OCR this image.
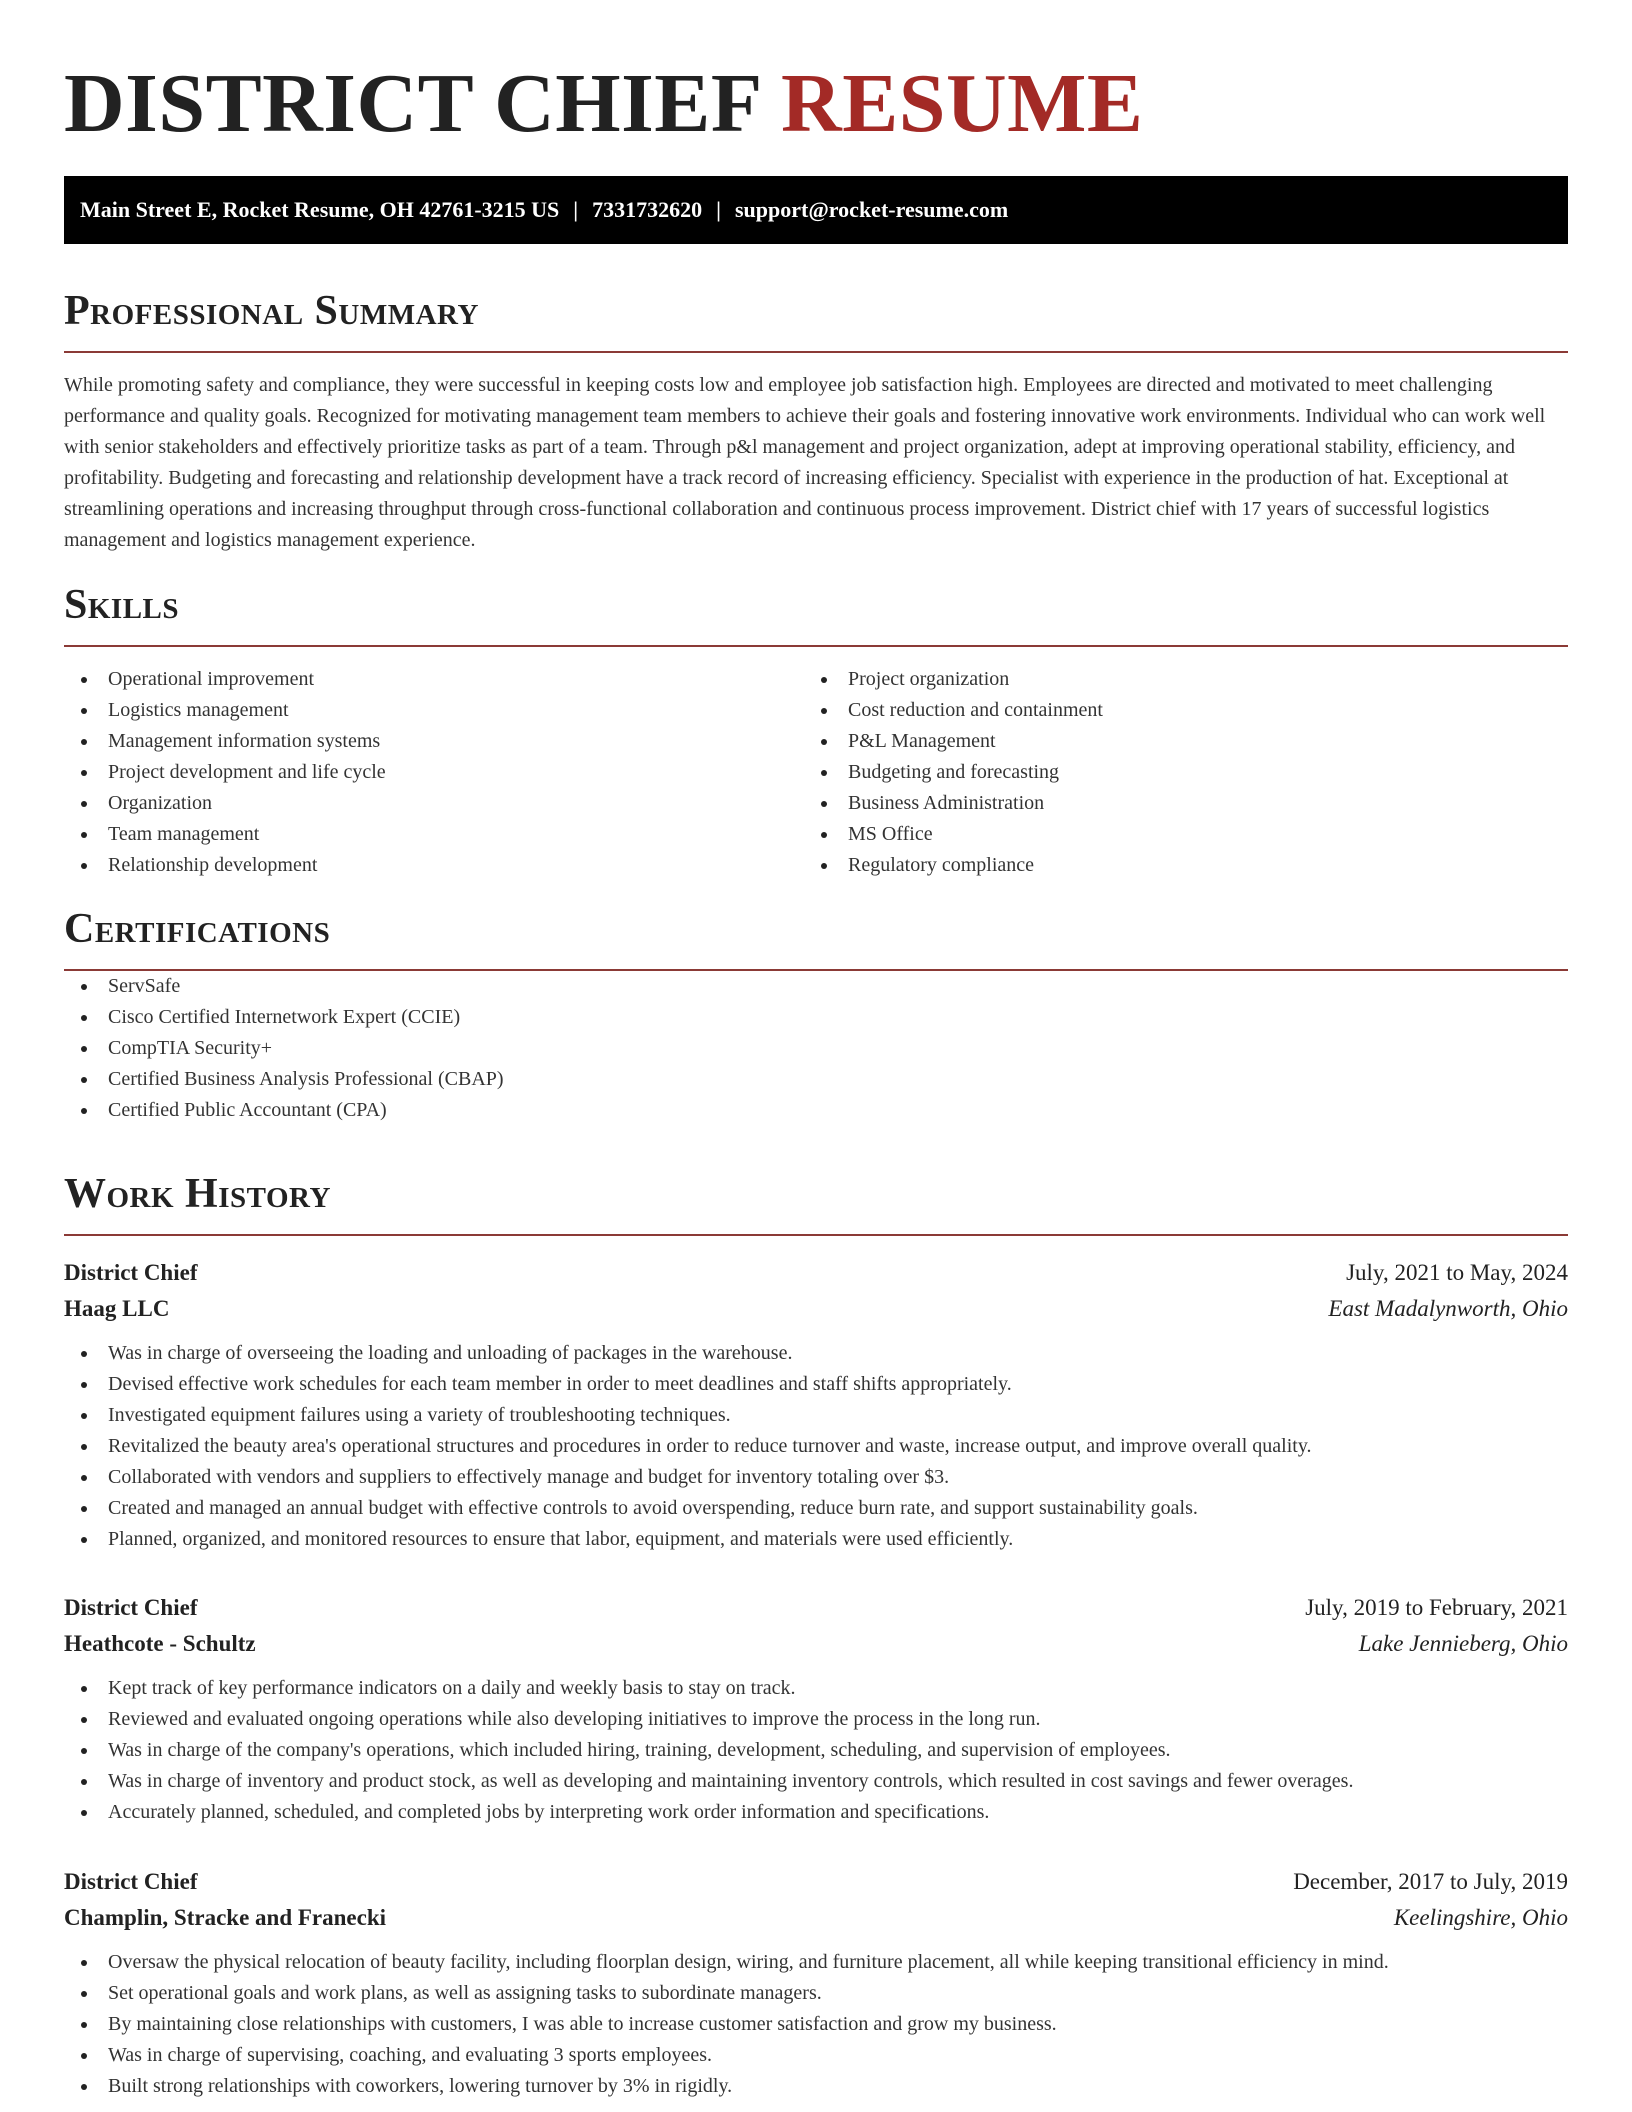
DISTRICT CHIEF RESUME
Main Street E, Rocket Resume, OH 42761-3215 US | 7331732620 | support@rocket-resume.com
Professional Summary

While promoting safety and compliance, they were successful in keeping costs low and employee job satisfaction high. Employees are directed and motivated to meet challenging performance and quality goals. Recognized for motivating management team members to achieve their goals and fostering innovative work environments. Individual who can work well with senior stakeholders and effectively prioritize tasks as part of a team. Through p&l management and project organization, adept at improving operational stability, efficiency, and profitability. Budgeting and forecasting and relationship development have a track record of increasing efficiency. Specialist with experience in the production of hat. Exceptional at streamlining operations and increasing throughput through cross-functional collaboration and continuous process improvement. District chief with 17 years of successful logistics management and logistics management experience.

Skills
Operational improvement
Logistics management
Management information systems
Project development and life cycle
Organization
Team management
Relationship development
Project organization
Cost reduction and containment
P&L Management
Budgeting and forecasting
Business Administration
MS Office
Regulatory compliance
Certifications
ServSafe
Cisco Certified Internetwork Expert (CCIE)
CompTIA Security+
Certified Business Analysis Professional (CBAP)
Certified Public Accountant (CPA)
Work History
District Chief	July, 2021 to May, 2024
Haag LLC	East Madalynworth, Ohio
Was in charge of overseeing the loading and unloading of packages in the warehouse.
Devised effective work schedules for each team member in order to meet deadlines and staff shifts appropriately.
Investigated equipment failures using a variety of troubleshooting techniques.
Revitalized the beauty area's operational structures and procedures in order to reduce turnover and waste, increase output, and improve overall quality.
Collaborated with vendors and suppliers to effectively manage and budget for inventory totaling over $3.
Created and managed an annual budget with effective controls to avoid overspending, reduce burn rate, and support sustainability goals.
Planned, organized, and monitored resources to ensure that labor, equipment, and materials were used efficiently.
District Chief	July, 2019 to February, 2021
Heathcote - Schultz	Lake Jennieberg, Ohio
Kept track of key performance indicators on a daily and weekly basis to stay on track.
Reviewed and evaluated ongoing operations while also developing initiatives to improve the process in the long run.
Was in charge of the company's operations, which included hiring, training, development, scheduling, and supervision of employees.
Was in charge of inventory and product stock, as well as developing and maintaining inventory controls, which resulted in cost savings and fewer overages.
Accurately planned, scheduled, and completed jobs by interpreting work order information and specifications.
District Chief	December, 2017 to July, 2019
Champlin, Stracke and Franecki	Keelingshire, Ohio
Oversaw the physical relocation of beauty facility, including floorplan design, wiring, and furniture placement, all while keeping transitional efficiency in mind.
Set operational goals and work plans, as well as assigning tasks to subordinate managers.
By maintaining close relationships with customers, I was able to increase customer satisfaction and grow my business.
Was in charge of supervising, coaching, and evaluating 3 sports employees.
Built strong relationships with coworkers, lowering turnover by 3% in rigidly.
